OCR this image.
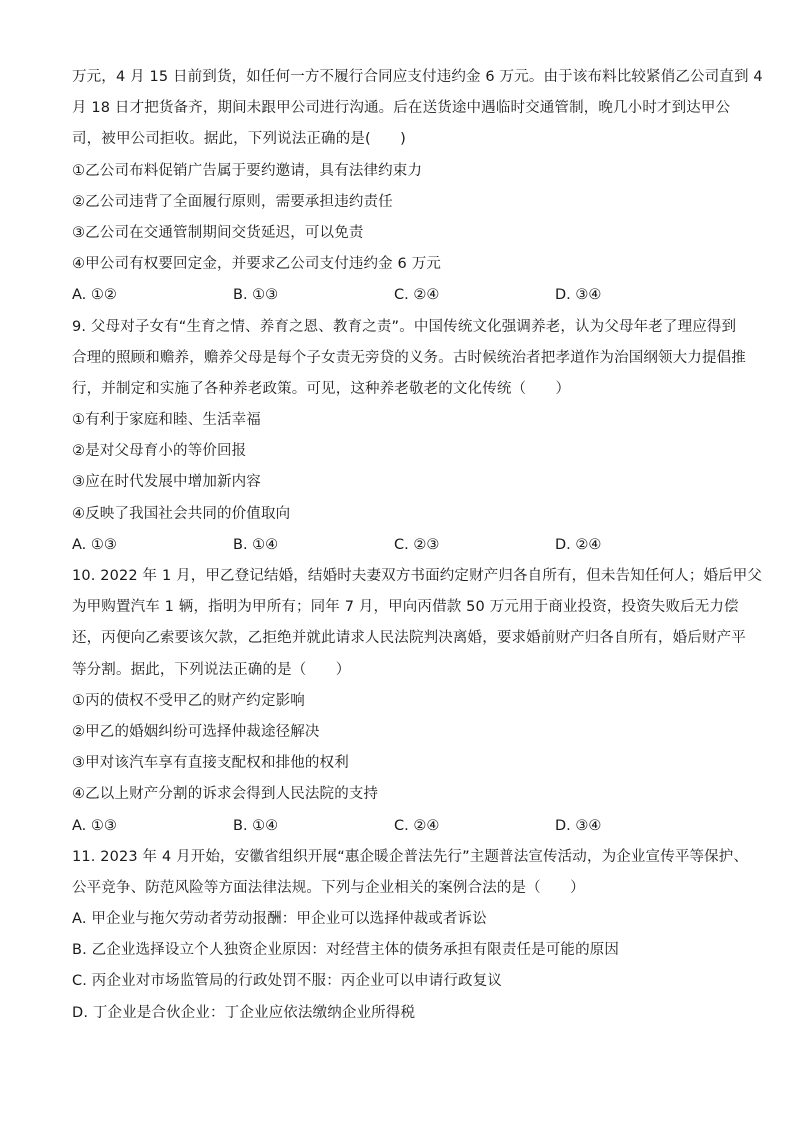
万元，4 月 15 日前到货，如任何一方不履行合同应支付违约金 6 万元。由于该布料比较紧俏乙公司直到 4
月 18 日才把货备齐，期间未跟甲公司进行沟通。后在送货途中遇临时交通管制，晚几小时才到达甲公
司，被甲公司拒收。据此，下列说法正确的是(　　)
①乙公司布料促销广告属于要约邀请，具有法律约束力
②乙公司违背了全面履行原则，需要承担违约责任
③乙公司在交通管制期间交货延迟，可以免责
④甲公司有权要回定金，并要求乙公司支付违约金 6 万元
A. ①②	B. ①③	C. ②④	D. ③④
9. 父母对子女有“生育之情、养育之恩、教育之责”。中国传统文化强调养老，认为父母年老了理应得到
合理的照顾和赡养，赡养父母是每个子女责无旁贷的义务。古时候统治者把孝道作为治国纲领大力提倡推
行，并制定和实施了各种养老政策。可见，这种养老敬老的文化传统（　　）
①有利于家庭和睦、生活幸福
②是对父母育小的等价回报
③应在时代发展中增加新内容
④反映了我国社会共同的价值取向
A. ①③	B. ①④	C. ②③	D. ②④
10. 2022 年 1 月，甲乙登记结婚，结婚时夫妻双方书面约定财产归各自所有，但未告知任何人；婚后甲父
为甲购置汽车 1 辆，指明为甲所有；同年 7 月，甲向丙借款 50 万元用于商业投资，投资失败后无力偿
还，丙便向乙索要该欠款，乙拒绝并就此请求人民法院判决离婚，要求婚前财产归各自所有，婚后财产平
等分割。据此，下列说法正确的是（　　）
①丙的债权不受甲乙的财产约定影响
②甲乙的婚姻纠纷可选择仲裁途径解决
③甲对该汽车享有直接支配权和排他的权利
④乙以上财产分割的诉求会得到人民法院的支持
A. ①③	B. ①④	C. ②④	D. ③④
11. 2023 年 4 月开始，安徽省组织开展“惠企暖企普法先行”主题普法宣传活动，为企业宣传平等保护、
公平竞争、防范风险等方面法律法规。下列与企业相关的案例合法的是（　　）
A. 甲企业与拖欠劳动者劳动报酬：甲企业可以选择仲裁或者诉讼
B. 乙企业选择设立个人独资企业原因：对经营主体的债务承担有限责任是可能的原因
C. 丙企业对市场监管局的行政处罚不服：丙企业可以申请行政复议
D. 丁企业是合伙企业：丁企业应依法缴纳企业所得税
